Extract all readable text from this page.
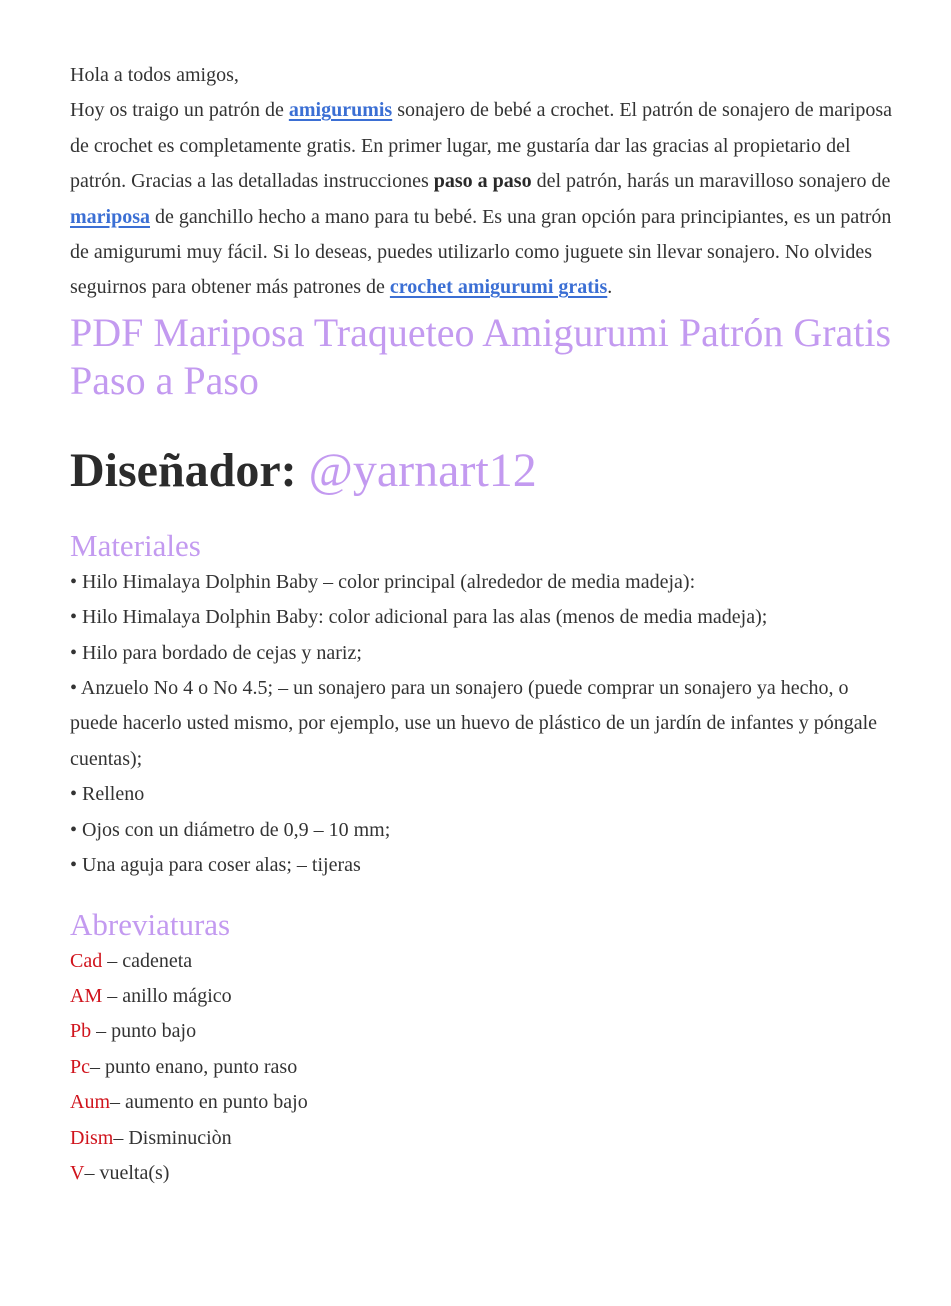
Hola a todos amigos,

Hoy os traigo un patrón de amigurumis sonajero de bebé a crochet. El patrón de sonajero de mariposa de crochet es completamente gratis. En primer lugar, me gustaría dar las gracias al propietario del patrón. Gracias a las detalladas instrucciones paso a paso del patrón, harás un maravilloso sonajero de mariposa de ganchillo hecho a mano para tu bebé. Es una gran opción para principiantes, es un patrón de amigurumi muy fácil. Si lo deseas, puedes utilizarlo como juguete sin llevar sonajero. No olvides seguirnos para obtener más patrones de crochet amigurumi gratis.

PDF Mariposa Traqueteo Amigurumi Patrón Gratis Paso a Paso
Diseñador: @yarnart12
Materiales
• Hilo Himalaya Dolphin Baby – color principal (alrededor de media madeja):
• Hilo Himalaya Dolphin Baby: color adicional para las alas (menos de media madeja);
• Hilo para bordado de cejas y nariz;
• Anzuelo No 4 o No 4.5; – un sonajero para un sonajero (puede comprar un sonajero ya hecho, o puede hacerlo usted mismo, por ejemplo, use un huevo de plástico de un jardín de infantes y póngale cuentas);
• Relleno
• Ojos con un diámetro de 0,9 – 10 mm;
• Una aguja para coser alas; – tijeras
Abreviaturas
Cad – cadeneta
AM – anillo mágico
Pb – punto bajo
Pc– punto enano, punto raso
Aum– aumento en punto bajo
Dism– Disminuciòn
V– vuelta(s)
